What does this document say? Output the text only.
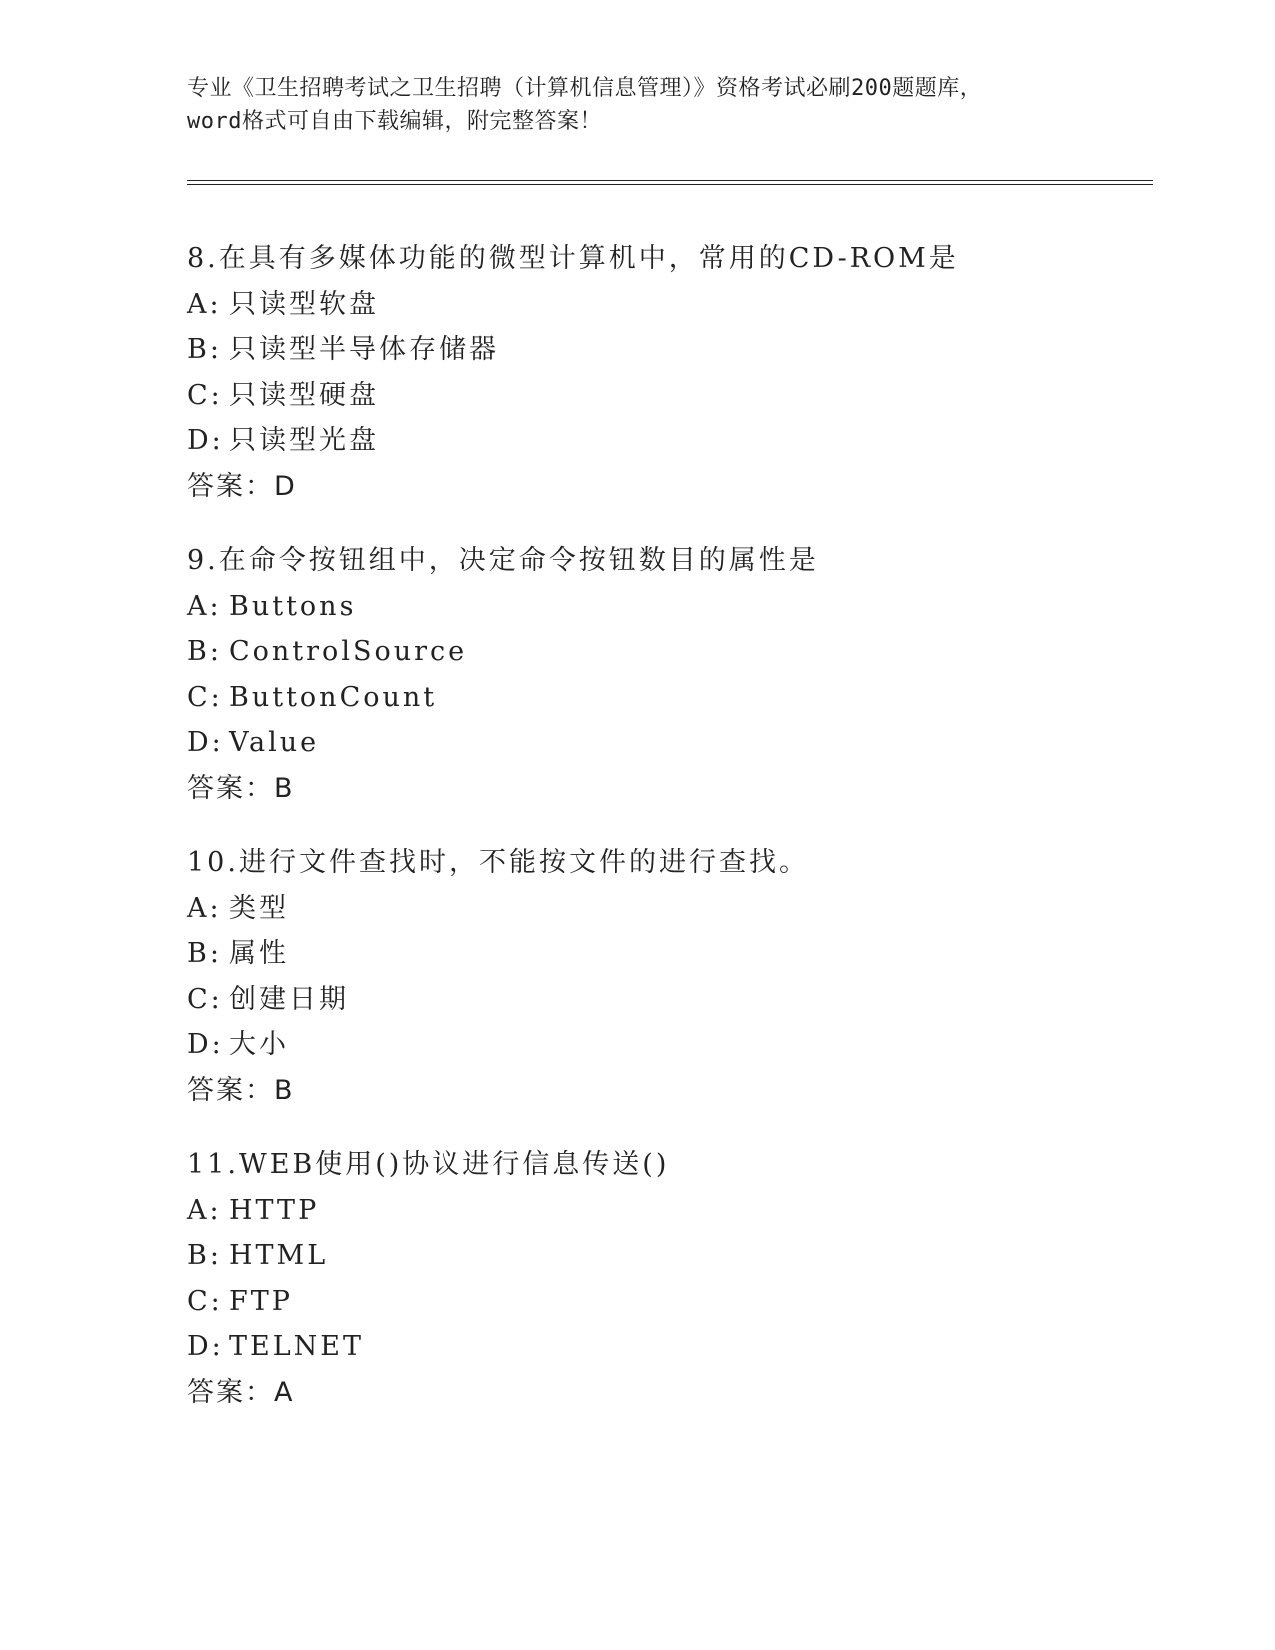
专业《卫生招聘考试之卫生招聘（计算机信息管理）》资格考试必刷200题题库，
word格式可自由下载编辑，附完整答案！
8.在具有多媒体功能的微型计算机中，常用的CD-ROM是
A: 只读型软盘
B: 只读型半导体存储器
C: 只读型硬盘
D: 只读型光盘
答案：D
9.在命令按钮组中，决定命令按钮数目的属性是
A: Buttons
B: ControlSource
C: ButtonCount
D: Value
答案：B
10.进行文件查找时，不能按文件的进行查找。
A: 类型
B: 属性
C: 创建日期
D: 大小
答案：B
11.WEB使用()协议进行信息传送()
A: HTTP
B: HTML
C: FTP
D: TELNET
答案：A
